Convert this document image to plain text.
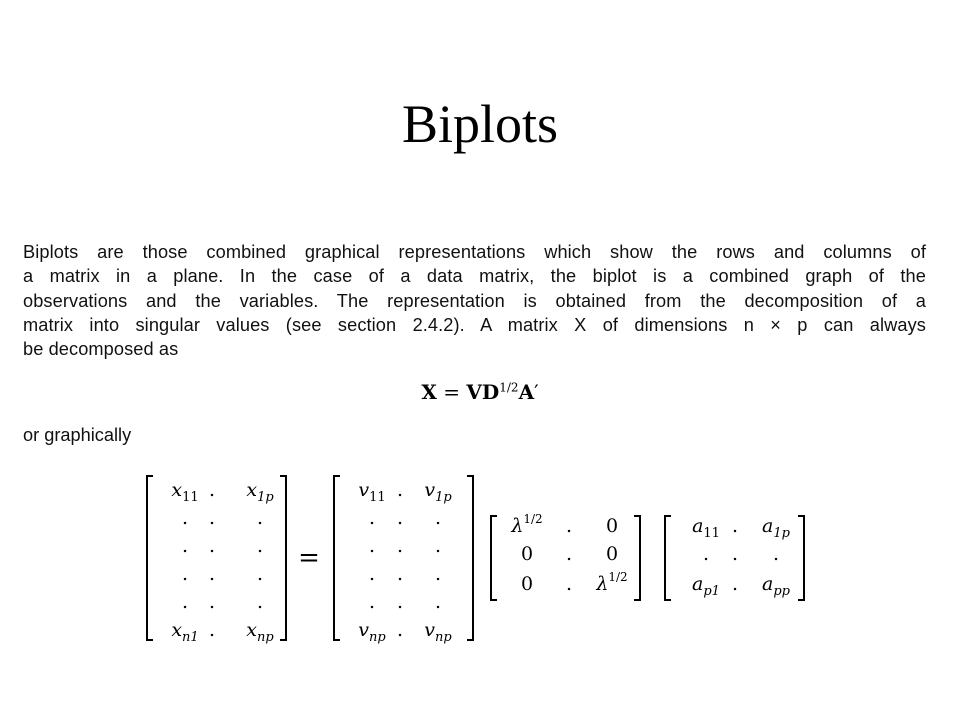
Biplots
Biplots are those combined graphical representations which show the rows and columns of
a matrix in a plane. In the case of a data matrix, the biplot is a combined graph of the
observations and the variables. The representation is obtained from the decomposition of a
matrix into singular values (see section 2.4.2). A matrix X of dimensions n × p can always
be decomposed as
$X = VD^{1/2}A'$
or graphically
$x_{11}$ . $x_{1p}$
. . .
. . .
. . .
. . .
$x_{n1}$ . $x_{np}$
=
$v_{11}$ . $v_{1p}$
. . .
. . .
. . .
. . .
$v_{np}$ . $v_{np}$
$\lambda^{1/2}$ . 0
0 . 0
0 . $\lambda^{1/2}$
$a_{11}$ . $a_{1p}$
. . .
$a_{p1}$ . $a_{pp}$
